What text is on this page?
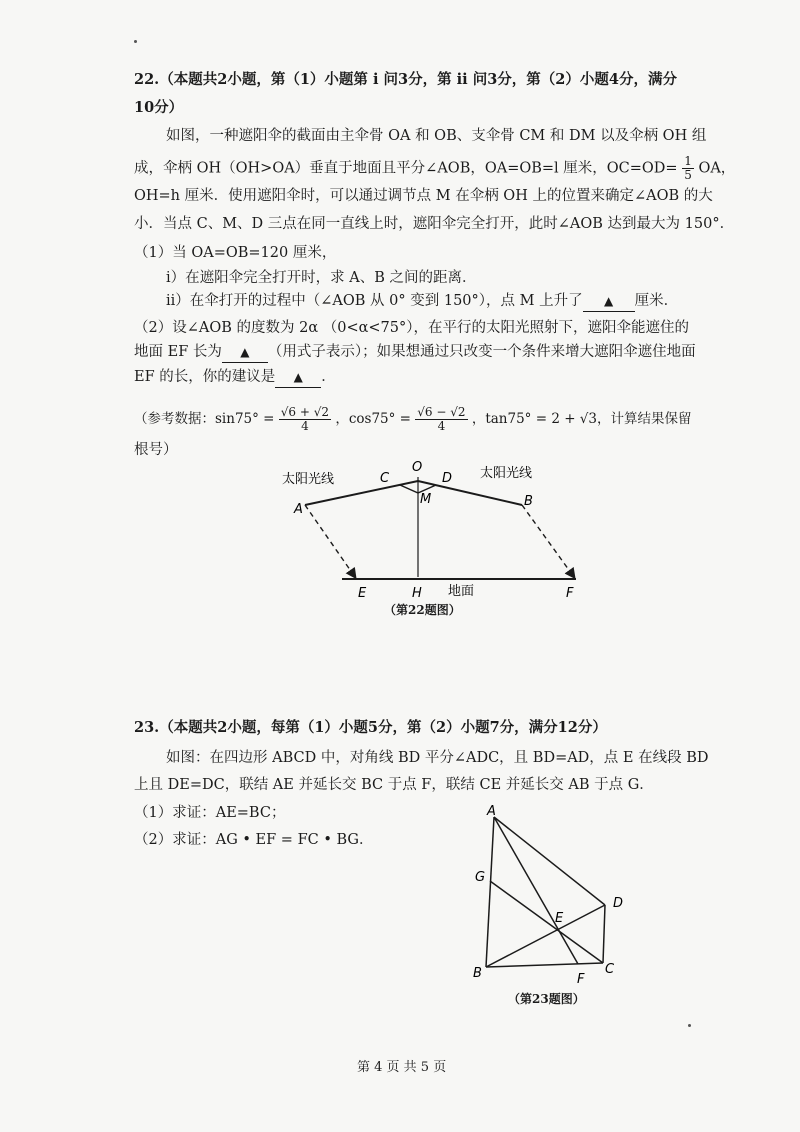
22.（本题共2小题，第（1）小题第 i 问3分，第 ii 问3分，第（2）小题4分，满分
10分）
如图，一种遮阳伞的截面由主伞骨 OA 和 OB、支伞骨 CM 和 DM 以及伞柄 OH 组
成，伞柄 OH（OH>OA）垂直于地面且平分∠AOB，OA=OB=l 厘米，$OC=OD= \frac{1}{5}$ OA，
OH=h 厘米．使用遮阳伞时，可以通过调节点 M 在伞柄 OH 上的位置来确定∠AOB 的大
小．当点 C、M、D 三点在同一直线上时，遮阳伞完全打开，此时∠AOB 达到最大为 150°．
（1）当 OA=OB=120 厘米，
i）在遮阳伞完全打开时，求 A、B 之间的距离．
ii）在伞打开的过程中（∠AOB 从 0° 变到 150°），点 M 上升了 ▲ 厘米．
（2）设∠AOB 的度数为 2α （0<α<75°），在平行的太阳光照射下，遮阳伞能遮住的
地面 EF 长为 ▲ （用式子表示）；如果想通过只改变一个条件来增大遮阳伞遮住地面
EF 的长，你的建议是 ▲ ．
（参考数据：$\sin 75^\circ = \frac{√6 + √2}{4}$ ，$\cos 75^\circ = \frac{√6 - √2}{4}$ ，tan75° = 2 + √3，计算结果保留
根号）
太阳光线	太阳光线
O
C	D
A
B
M
E	H 地面	F
（第22题图）
23.（本题共2小题，每第（1）小题5分，第（2）小题7分，满分12分）
如图：在四边形 ABCD 中，对角线 BD 平分∠ADC，且 BD=AD，点 E 在线段 BD
上且 DE=DC，联结 AE 并延长交 BC 于点 F，联结 CE 并延长交 AB 于点 G．
（1）求证：AE=BC；
（2）求证：AG • EF = FC • BG．
A
G
E
D
B	F
C
（第23题图）
第 4 页 共 5 页
